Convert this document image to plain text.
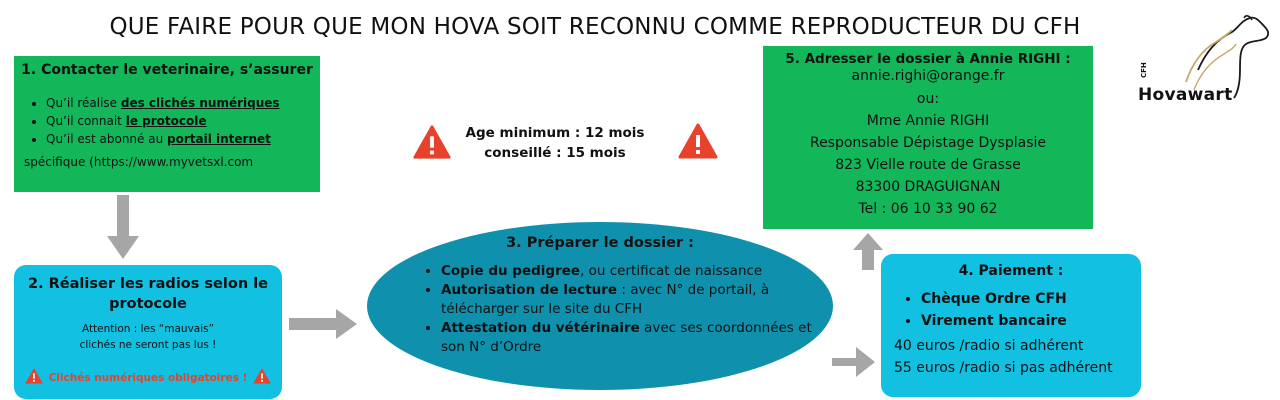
QUE FAIRE POUR QUE MON HOVA SOIT RECONNU COMME REPRODUCTEUR DU CFH
1. Contacter le veterinaire, s’assurer
• Qu’il réalise des clichés numériques
• Qu’il connait le protocole
• Qu’il est abonné au portail internet
spécifique (https://www.myvetsxl.com
2. Réaliser les radios selon le
protocole
Attention : les “mauvais”
clichés ne seront pas lus !
Clichés numériques obligatoires !
Age minimum : 12 mois
conseillé : 15 mois
3. Préparer le dossier :
• Copie du pedigree, ou certificat de naissance
• Autorisation de lecture : avec N° de portail, à télécharger sur le site du CFH
• Attestation du vétérinaire avec ses coordonnées et son N° d’Ordre
5. Adresser le dossier à Annie RIGHI :
annie.righi@orange.fr
ou:
Mme Annie RIGHI
Responsable Dépistage Dysplasie
823 Vielle route de Grasse
83300 DRAGUIGNAN
Tel : 06 10 33 90 62
4. Paiement :
• Chèque Ordre CFH
• Virement bancaire
40 euros /radio si adhérent
55 euros /radio si pas adhérent
CFH
Hovawart
